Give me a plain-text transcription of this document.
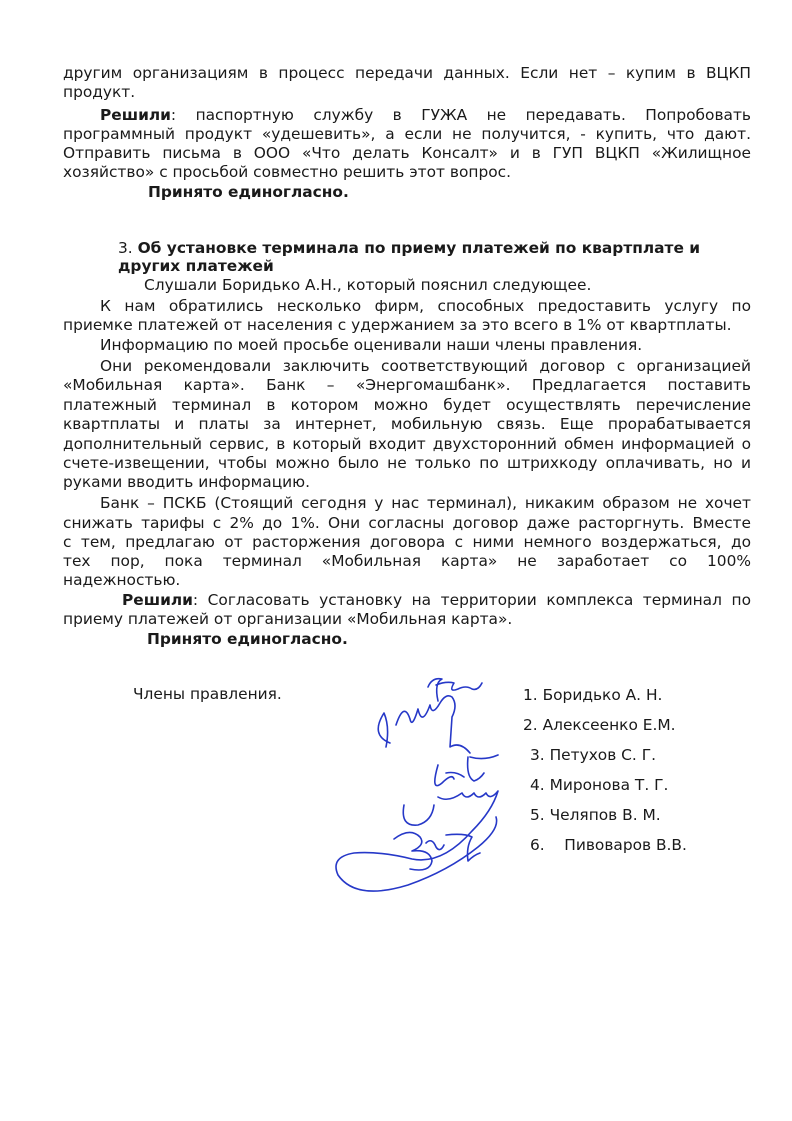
другим организациям в процесс передачи данных. Если нет – купим в ВЦКП
продукт.
Решили: паспортную службу в ГУЖА не передавать. Попробовать
программный продукт «удешевить», а если не получится, - купить, что дают.
Отправить письма в ООО «Что делать Консалт» и в ГУП ВЦКП «Жилищное
хозяйство» с просьбой совместно решить этот вопрос.
Принято единогласно.
3. Об установке терминала по приему платежей по квартплате и
других платежей
Слушали Боридько А.Н., который пояснил следующее.
К нам обратились несколько фирм, способных предоставить услугу по
приемке платежей от населения с удержанием за это всего в 1% от квартплаты.
Информацию по моей просьбе оценивали наши члены правления.
Они рекомендовали заключить соответствующий договор с организацией
«Мобильная карта». Банк – «Энергомашбанк». Предлагается поставить
платежный терминал в котором можно будет осуществлять перечисление
квартплаты и платы за интернет, мобильную связь. Еще прорабатывается
дополнительный сервис, в который входит двухсторонний обмен информацией о
счете-извещении, чтобы можно было не только по штрихкоду оплачивать, но и
руками вводить информацию.
Банк – ПСКБ (Стоящий сегодня у нас терминал), никаким образом не хочет
снижать тарифы с 2% до 1%. Они согласны договор даже расторгнуть. Вместе
с тем, предлагаю от расторжения договора с ними немного воздержаться, до
тех пор, пока терминал «Мобильная карта» не заработает со 100%
надежностью.
Решили: Согласовать установку на территории комплекса терминал по
приему платежей от организации «Мобильная карта».
Принято единогласно.
Члены правления.	1. Боридько А. Н.
2. Алексеенко Е.М.
3. Петухов С. Г.
4. Миронова Т. Г.
5. Челяпов В. М.
6.    Пивоваров В.В.
